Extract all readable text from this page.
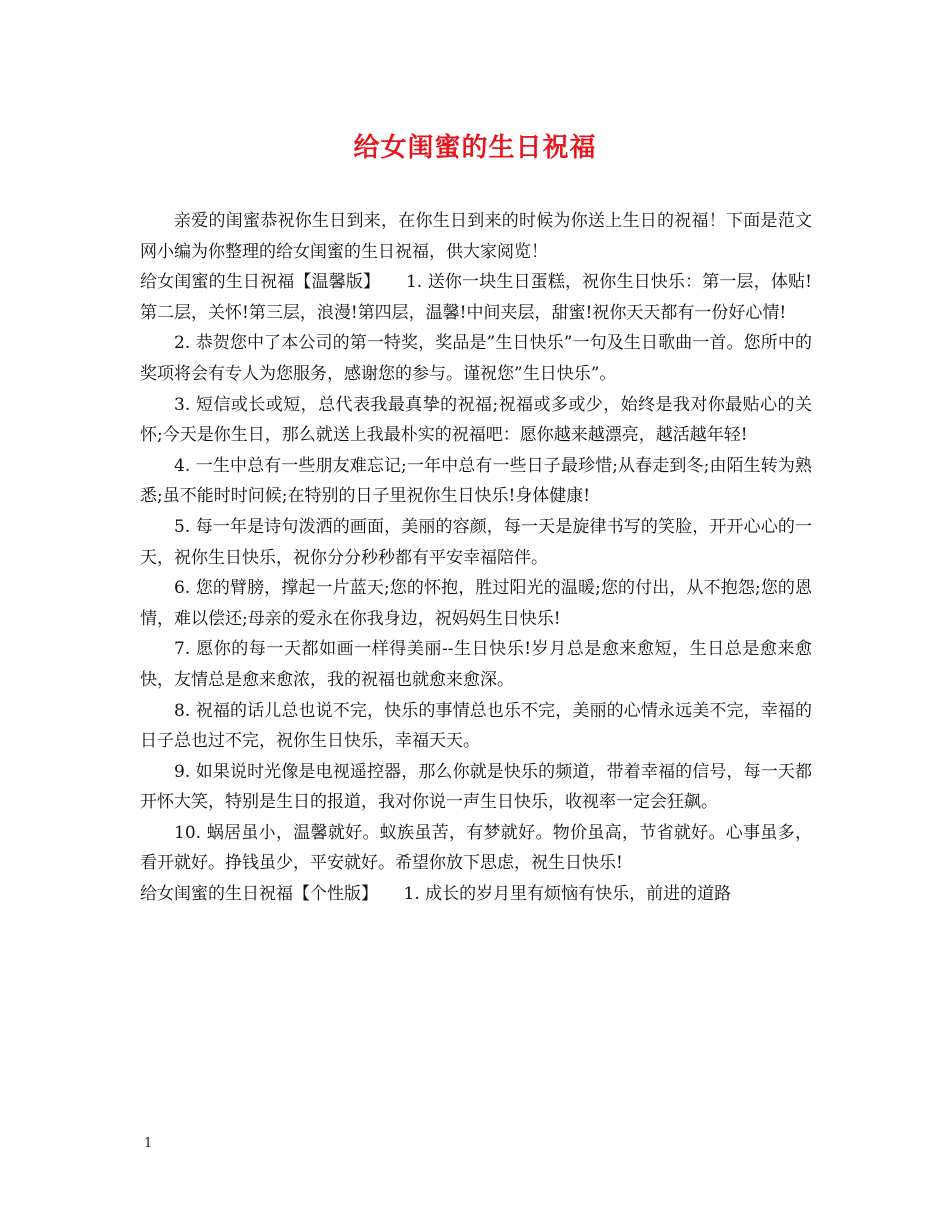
给女闺蜜的生日祝福

亲爱的闺蜜恭祝你生日到来，在你生日到来的时候为你送上生日的祝福！下面是范文网小编为你整理的给女闺蜜的生日祝福，供大家阅览！

给女闺蜜的生日祝福【温馨版】　　1. 送你一块生日蛋糕，祝你生日快乐：第一层，体贴!第二层，关怀!第三层，浪漫!第四层，温馨!中间夹层，甜蜜!祝你天天都有一份好心情!

2. 恭贺您中了本公司的第一特奖，奖品是”生日快乐”一句及生日歌曲一首。您所中的奖项将会有专人为您服务，感谢您的参与。谨祝您”生日快乐”。

3. 短信或长或短，总代表我最真挚的祝福;祝福或多或少，始终是我对你最贴心的关怀;今天是你生日，那么就送上我最朴实的祝福吧：愿你越来越漂亮，越活越年轻!

4. 一生中总有一些朋友难忘记;一年中总有一些日子最珍惜;从春走到冬;由陌生转为熟悉;虽不能时时问候;在特别的日子里祝你生日快乐!身体健康!

5. 每一年是诗句泼洒的画面，美丽的容颜，每一天是旋律书写的笑脸，开开心心的一天，祝你生日快乐，祝你分分秒秒都有平安幸福陪伴。

6. 您的臂膀，撑起一片蓝天;您的怀抱，胜过阳光的温暖;您的付出，从不抱怨;您的恩情，难以偿还;母亲的爱永在你我身边，祝妈妈生日快乐!

7. 愿你的每一天都如画一样得美丽--生日快乐!岁月总是愈来愈短，生日总是愈来愈快，友情总是愈来愈浓，我的祝福也就愈来愈深。

8. 祝福的话儿总也说不完，快乐的事情总也乐不完，美丽的心情永远美不完，幸福的日子总也过不完，祝你生日快乐，幸福天天。

9. 如果说时光像是电视遥控器，那么你就是快乐的频道，带着幸福的信号，每一天都开怀大笑，特别是生日的报道，我对你说一声生日快乐，收视率一定会狂飙。

10. 蜗居虽小，温馨就好。蚁族虽苦，有梦就好。物价虽高，节省就好。心事虽多，看开就好。挣钱虽少，平安就好。希望你放下思虑，祝生日快乐!

给女闺蜜的生日祝福【个性版】　　1. 成长的岁月里有烦恼有快乐，前进的道路

1
